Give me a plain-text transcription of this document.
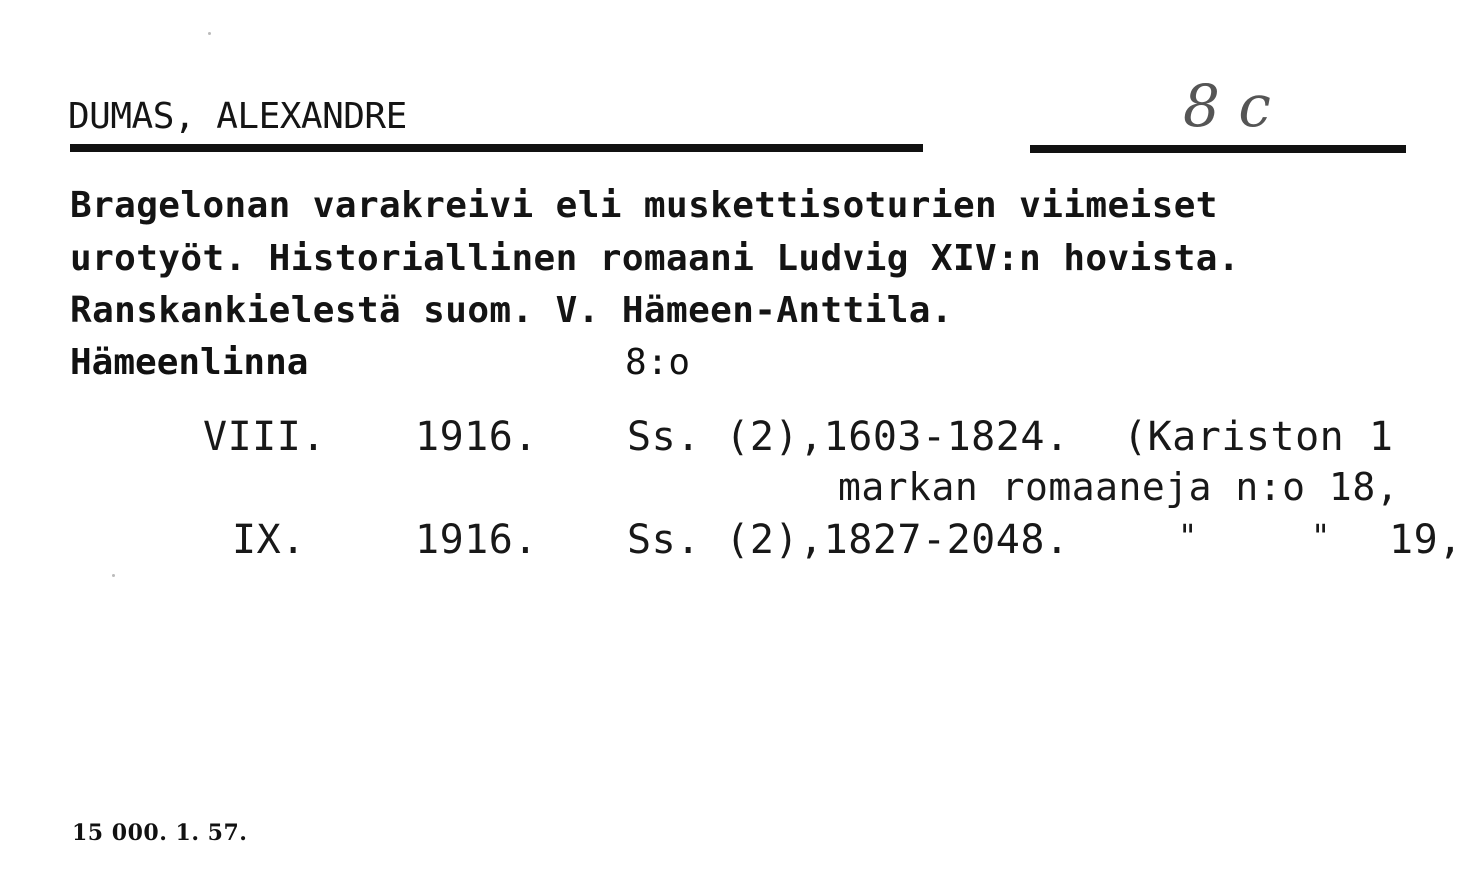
DUMAS, ALEXANDRE	8 c
Bragelonan varakreivi eli muskettisoturien viimeiset
urotyöt. Historiallinen romaani Ludvig XIV:n hovista.
Ranskankielestä suom. V. Hämeen-Anttila.
Hämeenlinna	8:o
VIII. 1916. Ss. (2),1603-1824. (Kariston 1
markan romaaneja n:o 18,
IX.	1916. Ss. (2),1827-2048.	"	" 19,
15 000. 1. 57.
